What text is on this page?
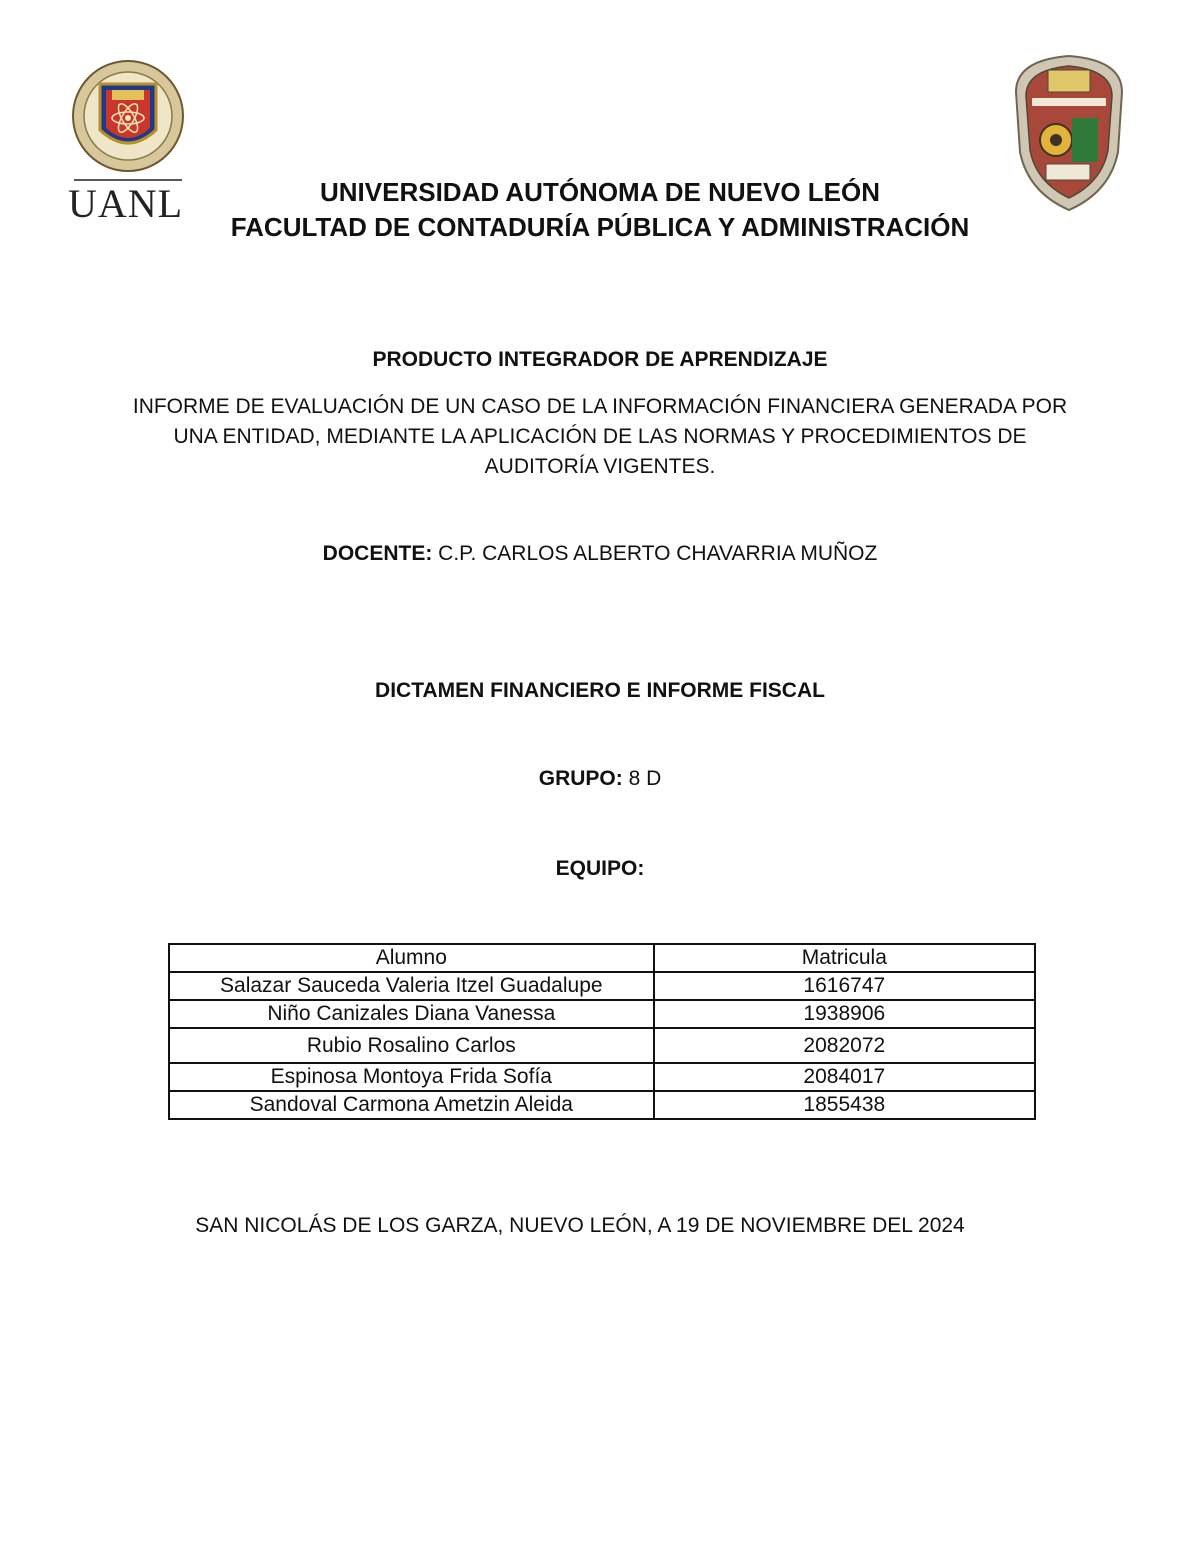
UANL	UNIVERSIDAD AUTÓNOMA DE NUEVO LEÓN
FACULTAD DE CONTADURÍA PÚBLICA Y ADMINISTRACIÓN
PRODUCTO INTEGRADOR DE APRENDIZAJE

INFORME DE EVALUACIÓN DE UN CASO DE LA INFORMACIÓN FINANCIERA GENERADA POR UNA ENTIDAD, MEDIANTE LA APLICACIÓN DE LAS NORMAS Y PROCEDIMIENTOS DE AUDITORÍA VIGENTES.

DOCENTE: C.P. CARLOS ALBERTO CHAVARRIA MUÑOZ
DICTAMEN FINANCIERO E INFORME FISCAL
GRUPO: 8 D
EQUIPO:
Alumno	Matricula
Salazar Sauceda Valeria Itzel Guadalupe	1616747
Niño Canizales Diana Vanessa	1938906
Rubio Rosalino Carlos	2082072
Espinosa Montoya Frida Sofía	2084017
Sandoval Carmona Ametzin Aleida	1855438
SAN NICOLÁS DE LOS GARZA, NUEVO LEÓN, A 19 DE NOVIEMBRE DEL 2024
